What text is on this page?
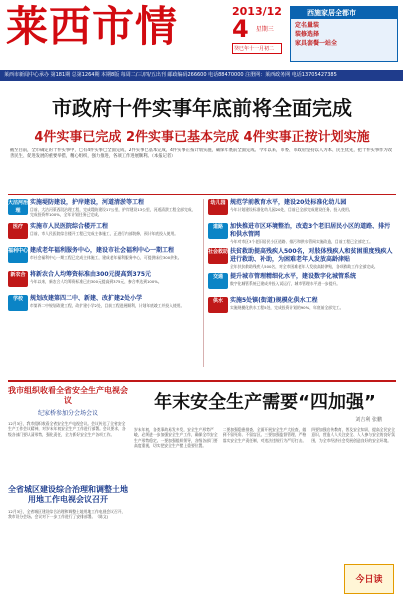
莱西市情	2013/12
4 星期三
癸巳年十一月初二
西施家居全都市
定名量装
装修选择
家具套餐一站全
莱西市新闻中心承办 第181期 总第1264期 本期8版 每周二/三/四/五出刊 邮政编码266600 电话88470000 注册网：莱西政务网 电话13705427385
市政府十件实事年底前将全面完成
4件实事已完成 2件实事已基本完成 4件实事正按计划实施
截至目前，全市确定的十件实事中，已有4件实事已全面完成，2件实事已基本完成，4件实事正按计划实施，确保年底前全面完成。今年以来，市委、市政府坚持以人为本、民生优先，把十件实事作为改善民生、促进发展的重要举措，精心组织，强力推进，各项工作进展顺利。（本报记者）
大沽河治理
实施堤防建设，护岸建设，河道清淤等工程
目前，大沽河莱西段治理工程，完成堤防建设17公里，护岸建设13公里，河道清淤工程全部完成，完成投资率100%，全年计划任务已完成。
医疗	实施市人民医院综合楼开工程
目前，市人民医院综合楼开工程已完成主体施工，正进行内部装修，预计年底投入使用。
福利中心 建成老年福利服务中心，建设市社会福利中心一期工程
市社会福利中心一期工程已完成主体施工，建成老年福利服务中心，可提供床位300余张。
新农合 将新农合人均筹资标准由300元提高到375元
今年以来，新农合人均筹资标准已由300元提高到375元，参合率达到100%。
学校	规划改建第四二中、新建、改扩建2处小学
市第四二中规划改建工程，改扩建小学2处，目前工程进展顺利，计划年底竣工并投入使用。
幼儿园 规范学前教育水平，建设20处标准化幼儿园
今年计划建设标准化幼儿园20处，目前已全部完成建设任务，投入使用。
道路	加快推进市区环境整治，改造3个老旧居民小区的道路、排污和供水管网
今年对市区3个老旧居民小区道路、排污和供水管网实施改造，目前工程已全部完工。
社会救助 扶贫救助提高残疾人500名，对肢体残疾人和贫困重度残疾人进行救助、补助，为困难老年人发放高龄津贴
全年扶贫救助残疾人500名，对全市困难老年人发放高龄津贴，各项救助工作全部完成。
交通	提升城市管理精细化水平，建设数字化城管系统
数字化城管系统已建成并投入试运行，城市管理水平进一步提升。
供水	实施5处镇(街道)规模化供水工程
实施规模化供水工程5处，完成投资计划的90%，年底前全部完工。
我市组织收看全省安全生产电视会议
纪家桥参加分会场会议
12月3日，我市组织收看全省安全生产电视会议。会议传达了全省安全生产工作会议精神，对岁末年初安全生产工作进行部署。会议要求，各级各部门要认清形势，强化责任，全力抓好安全生产各项工作。
全省城区建设综合治理和调整土地用地工作电视会议召开
12月3日，全省城区建设综合治理和调整土地用地工作电视会议召开，我市设分会场。会议对下一步工作进行了安排部署。（陈文)
年末安全生产需要“四加强”
刘吉利 张鹏
岁末年初，各类事故易发多发，安全生产形势严峻，必须进一步加强安全生产工作，确保全市安全生产形势稳定。一要加强组织领导，各级各部门要高度重视，切实把安全生产摆上重要位置。
二要加强隐患排查，全面开展安全生产大检查，做到不留死角、不留盲区。三要加强监督管理，严格落实安全生产责任制，对违法违规行为严厉打击。
四要加强宣传教育，普及安全知识，提高全民安全意识，营造人人关注安全、人人参与安全的良好氛围，为全市经济社会发展创造良好的安全环境。
今日读
